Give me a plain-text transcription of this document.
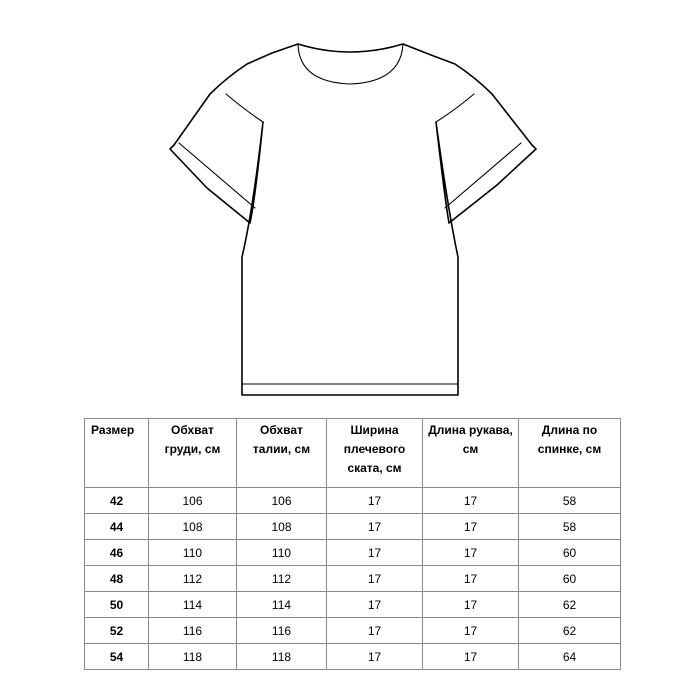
Размер	Обхват груди, см	Обхват талии, см	Ширина плечевого ската, см	Длина рукава, см	Длина по спинке, см
42	106	106	17	17	58
44	108	108	17	17	58
46	110	110	17	17	60
48	112	112	17	17	60
50	114	114	17	17	62
52	116	116	17	17	62
54	118	118	17	17	64
